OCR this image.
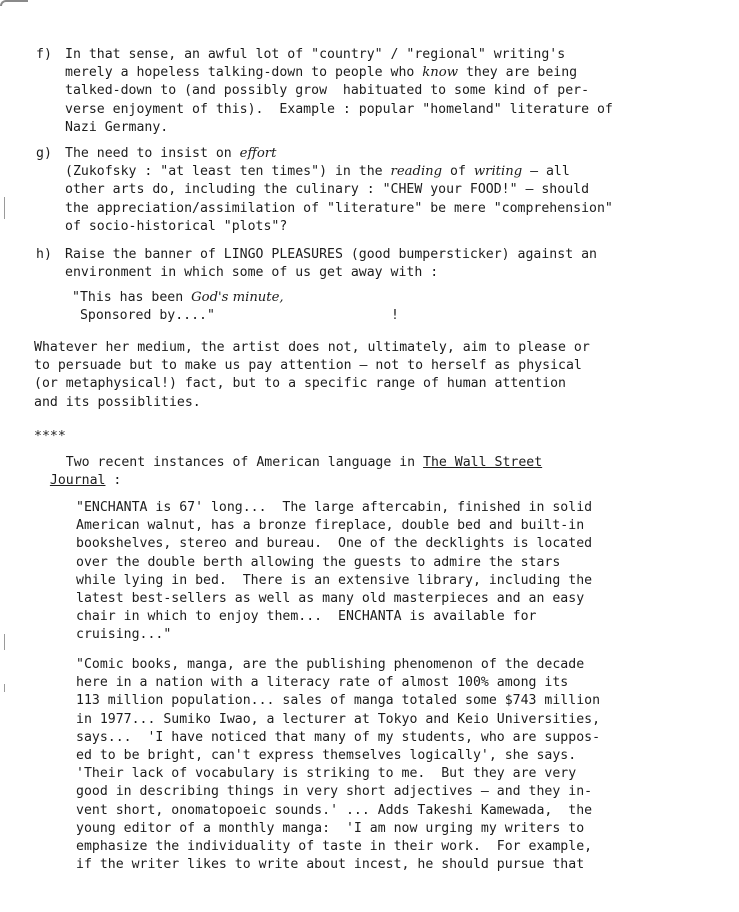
f) In that sense, an awful lot of "country" / "regional" writing's
merely a hopeless talking-down to people who know they are being
talked-down to (and possibly grow  habituated to some kind of per-
verse enjoyment of this).  Example : popular "homeland" literature of
Nazi Germany.
g) The need to insist on effort
(Zukofsky : "at least ten times") in the reading of writing — all
other arts do, including the culinary : "CHEW your FOOD!" — should
the appreciation/assimilation of "literature" be mere "comprehension"
of socio-historical "plots"?
h) Raise the banner of LINGO PLEASURES (good bumpersticker) against an
environment in which some of us get away with :
"This has been God's minute,
Sponsored by...."	!
Whatever her medium, the artist does not, ultimately, aim to please or
to persuade but to make us pay attention — not to herself as physical
(or metaphysical!) fact, but to a specific range of human attention
and its possiblities.
****
Two recent instances of American language in The Wall Street
Journal :
"ENCHANTA is 67' long...  The large aftercabin, finished in solid
American walnut, has a bronze fireplace, double bed and built-in
bookshelves, stereo and bureau.  One of the decklights is located
over the double berth allowing the guests to admire the stars
while lying in bed.  There is an extensive library, including the
latest best-sellers as well as many old masterpieces and an easy
chair in which to enjoy them...  ENCHANTA is available for
cruising..."
"Comic books, manga, are the publishing phenomenon of the decade
here in a nation with a literacy rate of almost 100% among its
113 million population... sales of manga totaled some $743 million
in 1977... Sumiko Iwao, a lecturer at Tokyo and Keio Universities,
says...  'I have noticed that many of my students, who are suppos-
ed to be bright, can't express themselves logically', she says.
'Their lack of vocabulary is striking to me.  But they are very
good in describing things in very short adjectives — and they in-
vent short, onomatopoeic sounds.' ... Adds Takeshi Kamewada,  the
young editor of a monthly manga:  'I am now urging my writers to
emphasize the individuality of taste in their work.  For example,
if the writer likes to write about incest, he should pursue that
